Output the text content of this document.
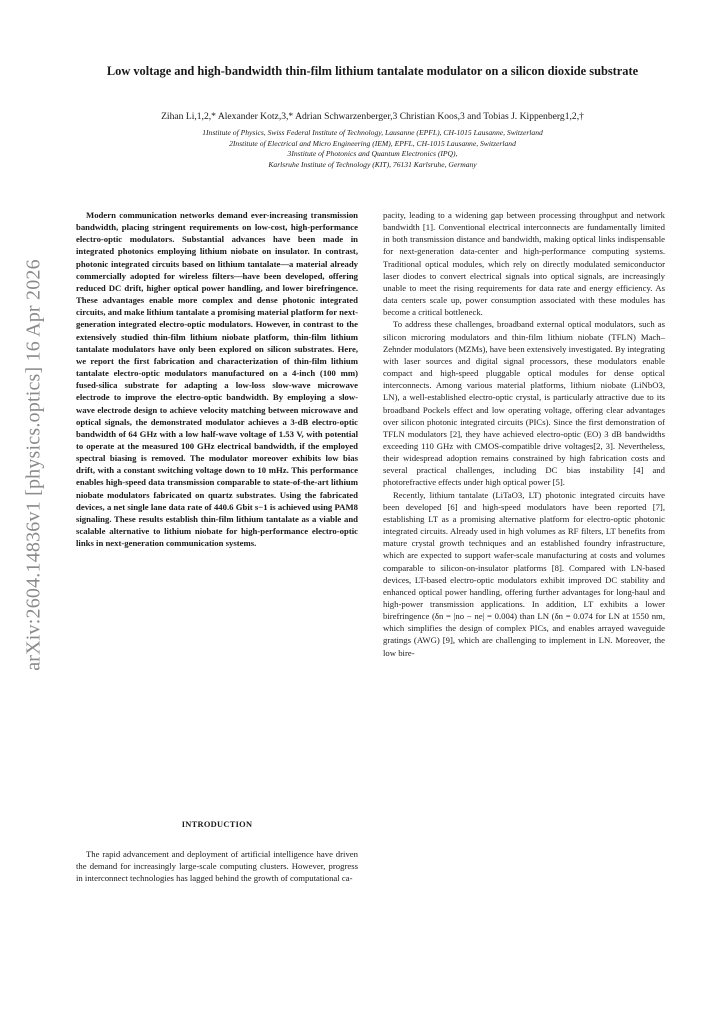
arXiv:2604.14836v1 [physics.optics] 16 Apr 2026
Low voltage and high-bandwidth thin-film lithium tantalate modulator on a silicon dioxide substrate
Zihan Li,1,2,* Alexander Kotz,3,* Adrian Schwarzenberger,3 Christian Koos,3 and Tobias J. Kippenberg1,2,†
1Institute of Physics, Swiss Federal Institute of Technology, Lausanne (EPFL), CH-1015 Lausanne, Switzerland
2Institute of Electrical and Micro Engineering (IEM), EPFL, CH-1015 Lausanne, Switzerland
3Institute of Photonics and Quantum Electronics (IPQ),
Karlsruhe Institute of Technology (KIT), 76131 Karlsruhe, Germany

Modern communication networks demand ever-increasing transmission bandwidth, placing stringent requirements on low-cost, high-performance electro-optic modulators. Substantial advances have been made in integrated photonics employing lithium niobate on insulator. In contrast, photonic integrated circuits based on lithium tantalate—a material already commercially adopted for wireless filters—have been developed, offering reduced DC drift, higher optical power handling, and lower birefringence. These advantages enable more complex and dense photonic integrated circuits, and make lithium tantalate a promising material platform for next-generation integrated electro-optic modulators. However, in contrast to the extensively studied thin-film lithium niobate platform, thin-film lithium tantalate modulators have only been explored on silicon substrates. Here, we report the first fabrication and characterization of thin-film lithium tantalate electro-optic modulators manufactured on a 4-inch (100 mm) fused-silica substrate for adapting a low-loss slow-wave microwave electrode to improve the electro-optic bandwidth. By employing a slow-wave electrode design to achieve velocity matching between microwave and optical signals, the demonstrated modulator achieves a 3-dB electro-optic bandwidth of 64 GHz with a low half-wave voltage of 1.53 V, with potential to operate at the measured 100 GHz electrical bandwidth, if the employed spectral biasing is removed. The modulator moreover exhibits low bias drift, with a constant switching voltage down to 10 mHz. This performance enables high-speed data transmission comparable to state-of-the-art lithium niobate modulators fabricated on quartz substrates. Using the fabricated devices, a net single lane data rate of 440.6 Gbit s−1 is achieved using PAM8 signaling. These results establish thin-film lithium tantalate as a viable and scalable alternative to lithium niobate for high-performance electro-optic links in next-generation communication systems.

INTRODUCTION

The rapid advancement and deployment of artificial intelligence have driven the demand for increasingly large-scale computing clusters. However, progress in interconnect technologies has lagged behind the growth of computational ca-

pacity, leading to a widening gap between processing throughput and network bandwidth [1]. Conventional electrical interconnects are fundamentally limited in both transmission distance and bandwidth, making optical links indispensable for next-generation data-center and high-performance computing systems. Traditional optical modules, which rely on directly modulated semiconductor laser diodes to convert electrical signals into optical signals, are increasingly unable to meet the rising requirements for data rate and energy efficiency. As data centers scale up, power consumption associated with these modules has become a critical bottleneck.

To address these challenges, broadband external optical modulators, such as silicon microring modulators and thin-film lithium niobate (TFLN) Mach–Zehnder modulators (MZMs), have been extensively investigated. By integrating with laser sources and digital signal processors, these modulators enable compact and high-speed pluggable optical modules for dense optical interconnects. Among various material platforms, lithium niobate (LiNbO3, LN), a well-established electro-optic crystal, is particularly attractive due to its broadband Pockels effect and low operating voltage, offering clear advantages over silicon photonic integrated circuits (PICs). Since the first demonstration of TFLN modulators [2], they have achieved electro-optic (EO) 3 dB bandwidths exceeding 110 GHz with CMOS-compatible drive voltages[2, 3]. Nevertheless, their widespread adoption remains constrained by high fabrication costs and several practical challenges, including DC bias instability [4] and photorefractive effects under high optical power [5].

Recently, lithium tantalate (LiTaO3, LT) photonic integrated circuits have been developed [6] and high-speed modulators have been reported [7], establishing LT as a promising alternative platform for electro-optic photonic integrated circuits. Already used in high volumes as RF filters, LT benefits from mature crystal growth techniques and an established foundry infrastructure, which are expected to support wafer-scale manufacturing at costs and volumes comparable to silicon-on-insulator platforms [8]. Compared with LN-based devices, LT-based electro-optic modulators exhibit improved DC stability and enhanced optical power handling, offering further advantages for long-haul and high-power transmission applications. In addition, LT exhibits a lower birefringence (δn = |no − ne| = 0.004) than LN (δn = 0.074 for LN at 1550 nm, which simplifies the design of complex PICs, and enables arrayed waveguide gratings (AWG) [9], which are challenging to implement in LN. Moreover, the low bire-
